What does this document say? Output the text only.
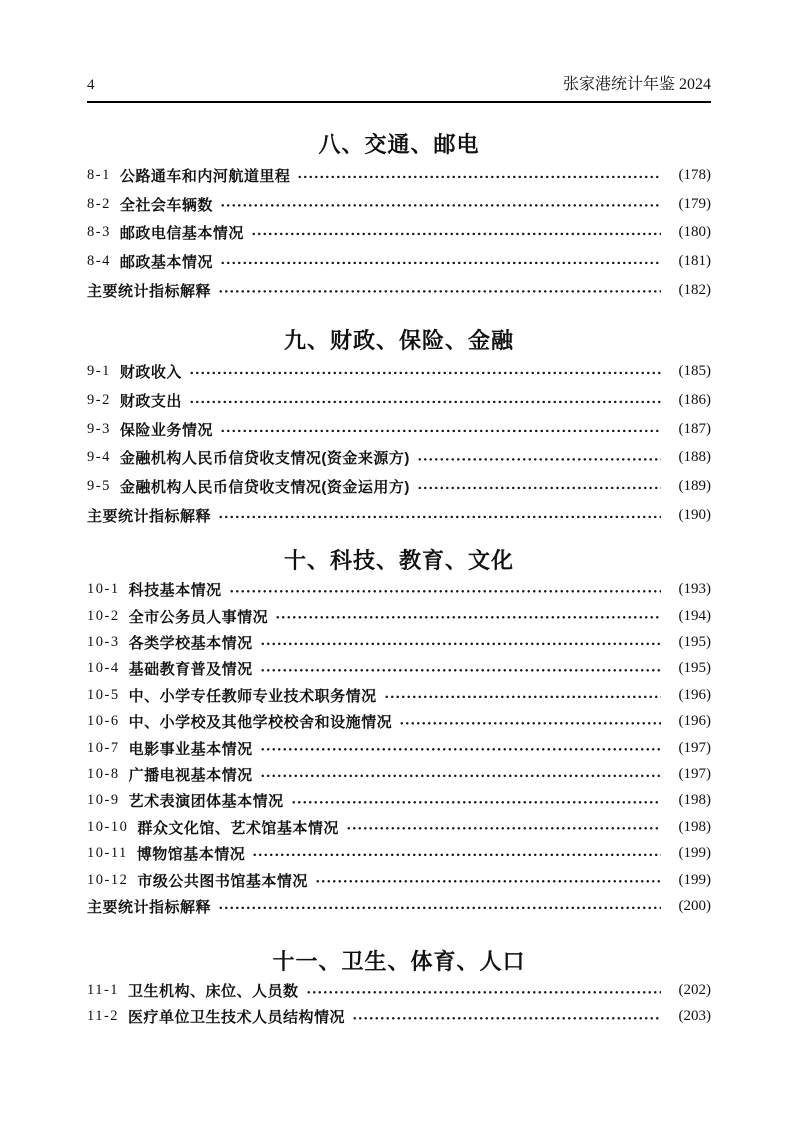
4	张家港统计年鉴 2024
八、交通、邮电
8-1 公路通车和内河航道里程	(178)
8-2 全社会车辆数	(179)
8-3 邮政电信基本情况	(180)
8-4 邮政基本情况	(181)
主要统计指标解释	(182)
九、财政、保险、金融
9-1 财政收入	(185)
9-2 财政支出	(186)
9-3 保险业务情况	(187)
9-4 金融机构人民币信贷收支情况(资金来源方)	(188)
9-5 金融机构人民币信贷收支情况(资金运用方)	(189)
主要统计指标解释	(190)
十、科技、教育、文化
10-1 科技基本情况	(193)
10-2 全市公务员人事情况	(194)
10-3 各类学校基本情况	(195)
10-4 基础教育普及情况	(195)
10-5 中、小学专任教师专业技术职务情况	(196)
10-6 中、小学校及其他学校校舍和设施情况	(196)
10-7 电影事业基本情况	(197)
10-8 广播电视基本情况	(197)
10-9 艺术表演团体基本情况	(198)
10-10 群众文化馆、艺术馆基本情况	(198)
10-11 博物馆基本情况	(199)
10-12 市级公共图书馆基本情况	(199)
主要统计指标解释	(200)
十一、卫生、体育、人口
11-1 卫生机构、床位、人员数	(202)
11-2 医疗单位卫生技术人员结构情况	(203)
